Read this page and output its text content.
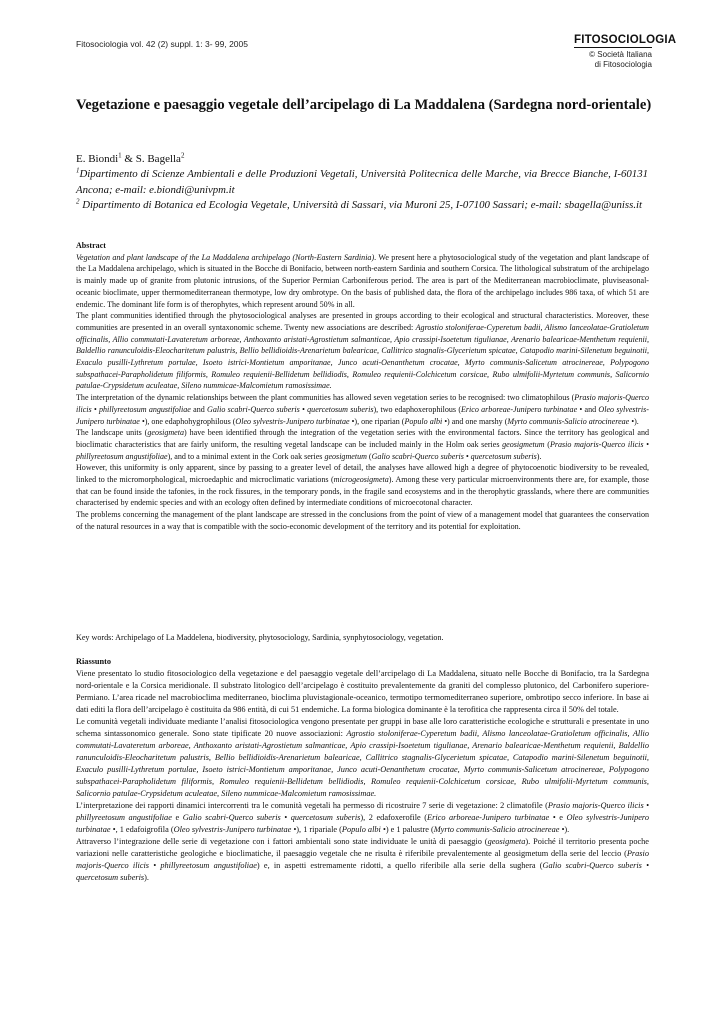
Fitosociologia vol. 42 (2) suppl. 1: 3- 99, 2005	FITOSOCIOLOGIA
© Società Italiana
di Fitosociologia
Vegetazione e paesaggio vegetale dell’arcipelago di La Maddalena (Sardegna nord-orientale)
E. Biondi$^1$ & S. Bagella$^2$
$^1$Dipartimento di Scienze Ambientali e delle Produzioni Vegetali, Università Politecnica delle Marche, via Brecce Bianche, I-60131 Ancona; e-mail: e.biondi@univpm.it
$^2$ Dipartimento di Botanica ed Ecologia Vegetale, Università di Sassari, via Muroni 25, I-07100 Sassari; e-mail: sbagella@uniss.it

Abstract

Vegetation and plant landscape of the La Maddalena archipelago (North-Eastern Sardinia). We present here a phytosociological study of the vegetation and plant landscape of the La Maddalena archipelago, which is situated in the Bocche di Bonifacio, between north-eastern Sardinia and southern Corsica. The lithological substratum of the archipelago is mainly made up of granite from plutonic intrusions, of the Superior Permian Carboniferous period. The area is part of the Mediterranean macrobioclimate, pluviseasonal-oceanic bioclimate, upper thermomediterranean thermotype, low dry ombrotype. On the basis of published data, the flora of the archipelago includes 986 taxa, of which 51 are endemic. The dominant life form is of therophytes, which represent around 50% in all.

The plant communities identified through the phytosociological analyses are presented in groups according to their ecological and structural characteristics. Moreover, these communities are presented in an overall syntaxonomic scheme. Twenty new associations are described: Agrostio stoloniferae-Cyperetum badii, Alismo lanceolatae-Gratioletum officinalis, Allio commutati-Lavateretum arboreae, Anthoxanto aristati-Agrostietum salmanticae, Apio crassipi-Isoetetum tigulianae, Arenario balearicae-Menthetum requienii, Baldellio ranunculoidis-Eleocharitetum palustris, Bellio bellidioidis-Arenarietum balearicae, Callitrico stagnalis-Glycerietum spicatae, Catapodio marini-Silenetum beguinotii, Exaculo pusilli-Lythretum portulae, Isoeto istrici-Montietum amporitanae, Junco acuti-Oenanthetum crocatae, Myrto communis-Salicetum atrocinereae, Polypogono subspathacei-Parapholidetum filiformis, Romuleo requienii-Bellidetum bellidiodis, Romuleo requienii-Colchicetum corsicae, Rubo ulmifolii-Myrtetum communis, Salicornio patulae-Crypsidetum aculeatae, Sileno nummicae-Malcomietum ramosissimae.

The interpretation of the dynamic relationships between the plant communities has allowed seven vegetation series to be recognised: two climatophilous (Prasio majoris-Querco ilicis • phillyreetosum angustifoliae and Galio scabri-Querco suberis • quercetosum suberis), two edaphoxerophilous (Erico arboreae-Junipero turbinatae • and Oleo sylvestris-Junipero turbinatae •), one edaphohygrophilous (Oleo sylvestris-Junipero turbinatae •), one riparian (Populo albi •) and one marshy (Myrto communis-Salicio atrocinereae •).

The landscape units (geosigmeta) have been identified through the integration of the vegetation series with the environmental factors. Since the territory has geological and bioclimatic characteristics that are fairly uniform, the resulting vegetal landscape can be included mainly in the Holm oak series geosigmetum (Prasio majoris-Querco ilicis • phillyreetosum angustifoliae), and to a minimal extent in the Cork oak series geosigmetum (Galio scabri-Querco suberis • quercetosum suberis).

However, this uniformity is only apparent, since by passing to a greater level of detail, the analyses have allowed high a degree of phytocoenotic biodiversity to be revealed, linked to the micromorphological, microedaphic and microclimatic variations (microgeosigmeta). Among these very particular microenvironments there are, for example, those that can be found inside the tafonies, in the rock fissures, in the temporary ponds, in the fragile sand ecosystems and in the therophytic grasslands, where there are communities characterised by endemic species and with an ecology often defined by intermediate conditions of microecotonal character.

The problems concerning the management of the plant landscape are stressed in the conclusions from the point of view of a management model that guarantees the conservation of the natural resources in a way that is compatible with the socio-economic development of the territory and its potential for exploitation.

Key words: Archipelago of La Maddelena, biodiversity, phytosociology, Sardinia, synphytosociology, vegetation.

Riassunto

Viene presentato lo studio fitosociologico della vegetazione e del paesaggio vegetale dell’arcipelago di La Maddalena, situato nelle Bocche di Bonifacio, tra la Sardegna nord-orientale e la Corsica meridionale. Il substrato litologico dell’arcipelago è costituito prevalentemente da graniti del complesso plutonico, del Carbonifero superiore-Permiano. L’area ricade nel macrobioclima mediterraneo, bioclima pluvistagionale-oceanico, termotipo termomediterraneo superiore, ombrotipo secco inferiore. In base ai dati editi la flora dell’arcipelago è costituita da 986 entità, di cui 51 endemiche. La forma biologica dominante è la terofitica che rappresenta circa il 50% del totale.

Le comunità vegetali individuate mediante l’analisi fitosociologica vengono presentate per gruppi in base alle loro caratteristiche ecologiche e strutturali e presentate in uno schema sintassonomico generale. Sono state tipificate 20 nuove associazioni: Agrostio stoloniferae-Cyperetum badii, Alismo lanceolatae-Gratioletum officinalis, Allio commutati-Lavateretum arboreae, Anthoxanto aristati-Agrostietum salmanticae, Apio crassipi-Isoetetum tigulianae, Arenario balearicae-Menthetum requienii, Baldellio ranunculoidis-Eleocharitetum palustris, Bellio bellidioidis-Arenarietum balearicae, Callitrico stagnalis-Glycerietum spicatae, Catapodio marini-Silenetum beguinotii, Exaculo pusilli-Lythretum portulae, Isoeto istrici-Montietum amporitanae, Junco acuti-Oenanthetum crocatae, Myrto communis-Salicetum atrocinereae, Polypogono subspathacei-Parapholidetum filiformis, Romuleo requienii-Bellidetum bellidiodis, Romuleo requienii-Colchicetum corsicae, Rubo ulmifolii-Myrtetum communis, Salicornio patulae-Crypsidetum aculeatae, Sileno nummicae-Malcomietum ramosissimae.

L’interpretazione dei rapporti dinamici intercorrenti tra le comunità vegetali ha permesso di ricostruire 7 serie di vegetazione: 2 climatofile (Prasio majoris-Querco ilicis • phillyreetosum angustifoliae e Galio scabri-Querco suberis • quercetosum suberis), 2 edafoxerofile (Erico arboreae-Junipero turbinatae • e Oleo sylvestris-Junipero turbinatae •, 1 edafoigrofila (Oleo sylvestris-Junipero turbinatae •), 1 ripariale (Populo albi •) e 1 palustre (Myrto communis-Salicio atrocinereae •).

Attraverso l’integrazione delle serie di vegetazione con i fattori ambientali sono state individuate le unità di paesaggio (geosigmeta). Poiché il territorio presenta poche variazioni nelle caratteristiche geologiche e bioclimatiche, il paesaggio vegetale che ne risulta è riferibile prevalentemente al geosigmetum della serie del leccio (Prasio majoris-Querco ilicis • phillyreetosum angustifoliae) e, in aspetti estremamente ridotti, a quello riferibile alla serie della sughera (Galio scabri-Querco suberis • quercetosum suberis).
